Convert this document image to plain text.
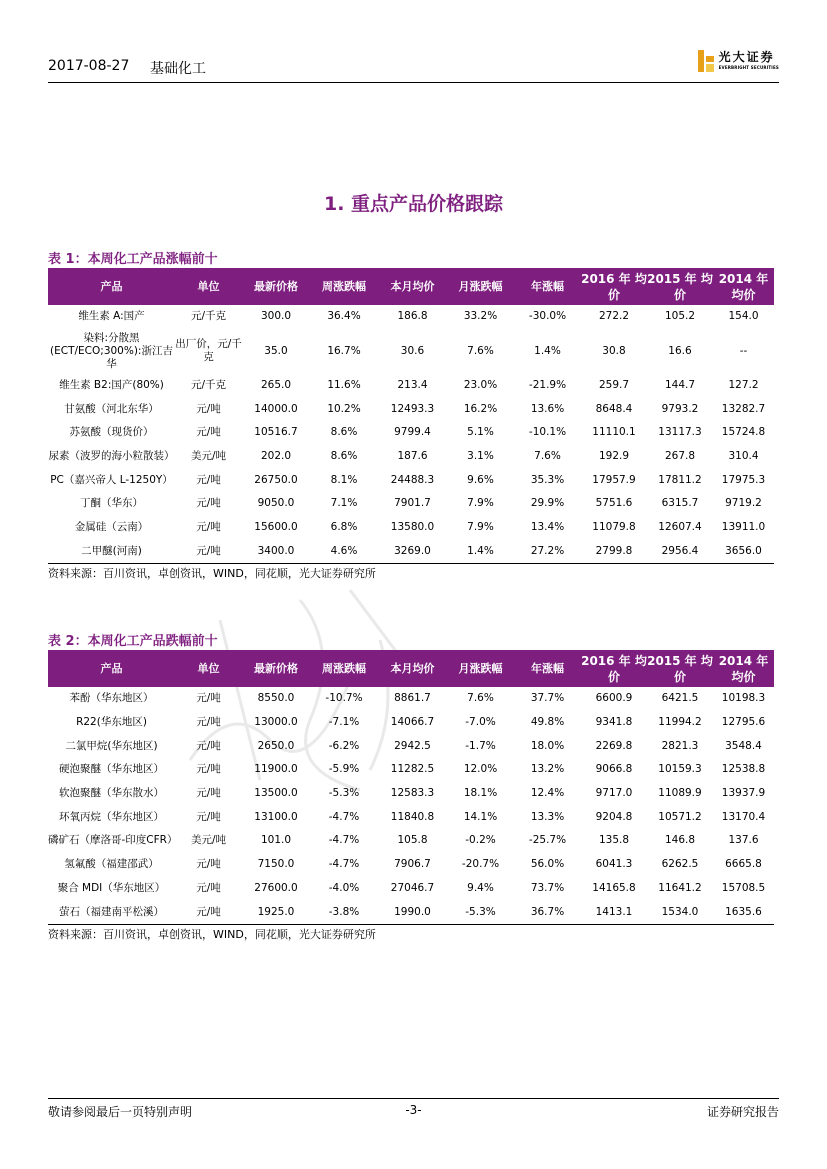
2017-08-27 基础化工
光大证券
EVERBRIGHT SECURITIES
1. 重点产品价格跟踪
表 1：本周化工产品涨幅前十
产品	单位	最新价格	周涨跌幅	本月均价	月涨跌幅	年涨幅	2016 年 均价	2015 年 均价	2014 年 均价
维生素 A:国产	元/千克	300.0	36.4%	186.8	33.2%	-30.0%	272.2	105.2	154.0
染料:分散黑(ECT/ECO;300%):浙江吉华	出厂价，元/千克	35.0	16.7%	30.6	7.6%	1.4%	30.8	16.6	--
维生素 B2:国产(80%)	元/千克	265.0	11.6%	213.4	23.0%	-21.9%	259.7	144.7	127.2
甘氨酸（河北东华）	元/吨	14000.0	10.2%	12493.3	16.2%	13.6%	8648.4	9793.2	13282.7
苏氨酸（现货价）	元/吨	10516.7	8.6%	9799.4	5.1%	-10.1%	11110.1	13117.3	15724.8
尿素（波罗的海小粒散装）	美元/吨	202.0	8.6%	187.6	3.1%	7.6%	192.9	267.8	310.4
PC（嘉兴帝人 L-1250Y）	元/吨	26750.0	8.1%	24488.3	9.6%	35.3%	17957.9	17811.2	17975.3
丁酮（华东）	元/吨	9050.0	7.1%	7901.7	7.9%	29.9%	5751.6	6315.7	9719.2
金属硅（云南）	元/吨	15600.0	6.8%	13580.0	7.9%	13.4%	11079.8	12607.4	13911.0
二甲醚(河南)	元/吨	3400.0	4.6%	3269.0	1.4%	27.2%	2799.8	2956.4	3656.0
资料来源：百川资讯，卓创资讯，WIND，同花顺，光大证券研究所
表 2：本周化工产品跌幅前十
产品	单位	最新价格	周涨跌幅	本月均价	月涨跌幅	年涨幅	2016 年 均价	2015 年 均价	2014 年 均价
苯酚（华东地区）	元/吨	8550.0	-10.7%	8861.7	7.6%	37.7%	6600.9	6421.5	10198.3
R22(华东地区)	元/吨	13000.0	-7.1%	14066.7	-7.0%	49.8%	9341.8	11994.2	12795.6
二氯甲烷(华东地区)	元/吨	2650.0	-6.2%	2942.5	-1.7%	18.0%	2269.8	2821.3	3548.4
硬泡聚醚（华东地区）	元/吨	11900.0	-5.9%	11282.5	12.0%	13.2%	9066.8	10159.3	12538.8
软泡聚醚（华东散水）	元/吨	13500.0	-5.3%	12583.3	18.1%	12.4%	9717.0	11089.9	13937.9
环氧丙烷（华东地区）	元/吨	13100.0	-4.7%	11840.8	14.1%	13.3%	9204.8	10571.2	13170.4
磷矿石（摩洛哥-印度CFR）	美元/吨	101.0	-4.7%	105.8	-0.2%	-25.7%	135.8	146.8	137.6
氢氟酸（福建邵武）	元/吨	7150.0	-4.7%	7906.7	-20.7%	56.0%	6041.3	6262.5	6665.8
聚合 MDI（华东地区）	元/吨	27600.0	-4.0%	27046.7	9.4%	73.7%	14165.8	11641.2	15708.5
萤石（福建南平松溪）	元/吨	1925.0	-3.8%	1990.0	-5.3%	36.7%	1413.1	1534.0	1635.6
资料来源：百川资讯，卓创资讯，WIND，同花顺，光大证券研究所
敬请参阅最后一页特别声明	-3-	证券研究报告
